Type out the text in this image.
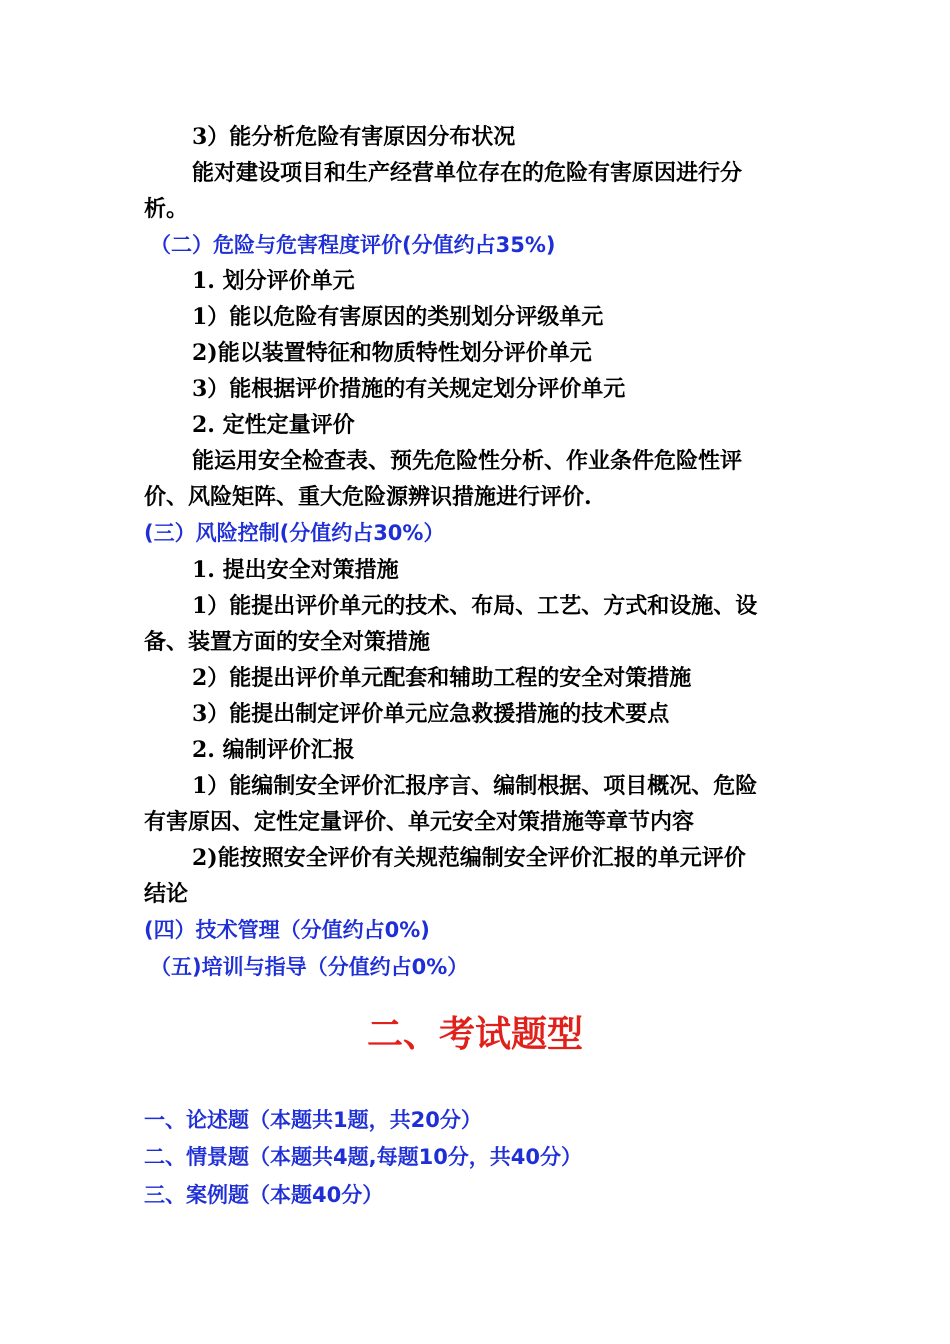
3）能分析危险有害原因分布状况
能对建设项目和生产经营单位存在的危险有害原因进行分
析。
（二）危险与危害程度评价(分值约占35%)
1. 划分评价单元
1）能以危险有害原因的类别划分评级单元
2)能以装置特征和物质特性划分评价单元
3）能根据评价措施的有关规定划分评价单元
2. 定性定量评价
能运用安全检查表、预先危险性分析、作业条件危险性评
价、风险矩阵、重大危险源辨识措施进行评价.
(三）风险控制(分值约占30%）
1. 提出安全对策措施
1）能提出评价单元的技术、布局、工艺、方式和设施、设
备、装置方面的安全对策措施
2）能提出评价单元配套和辅助工程的安全对策措施
3）能提出制定评价单元应急救援措施的技术要点
2. 编制评价汇报
1）能编制安全评价汇报序言、编制根据、项目概况、危险
有害原因、定性定量评价、单元安全对策措施等章节内容
2)能按照安全评价有关规范编制安全评价汇报的单元评价
结论
(四）技术管理（分值约占0%)
（五)培训与指导（分值约占0%）
二、考试题型
一、论述题（本题共1题，共20分）
二、情景题（本题共4题,每题10分，共40分）
三、案例题（本题40分）
